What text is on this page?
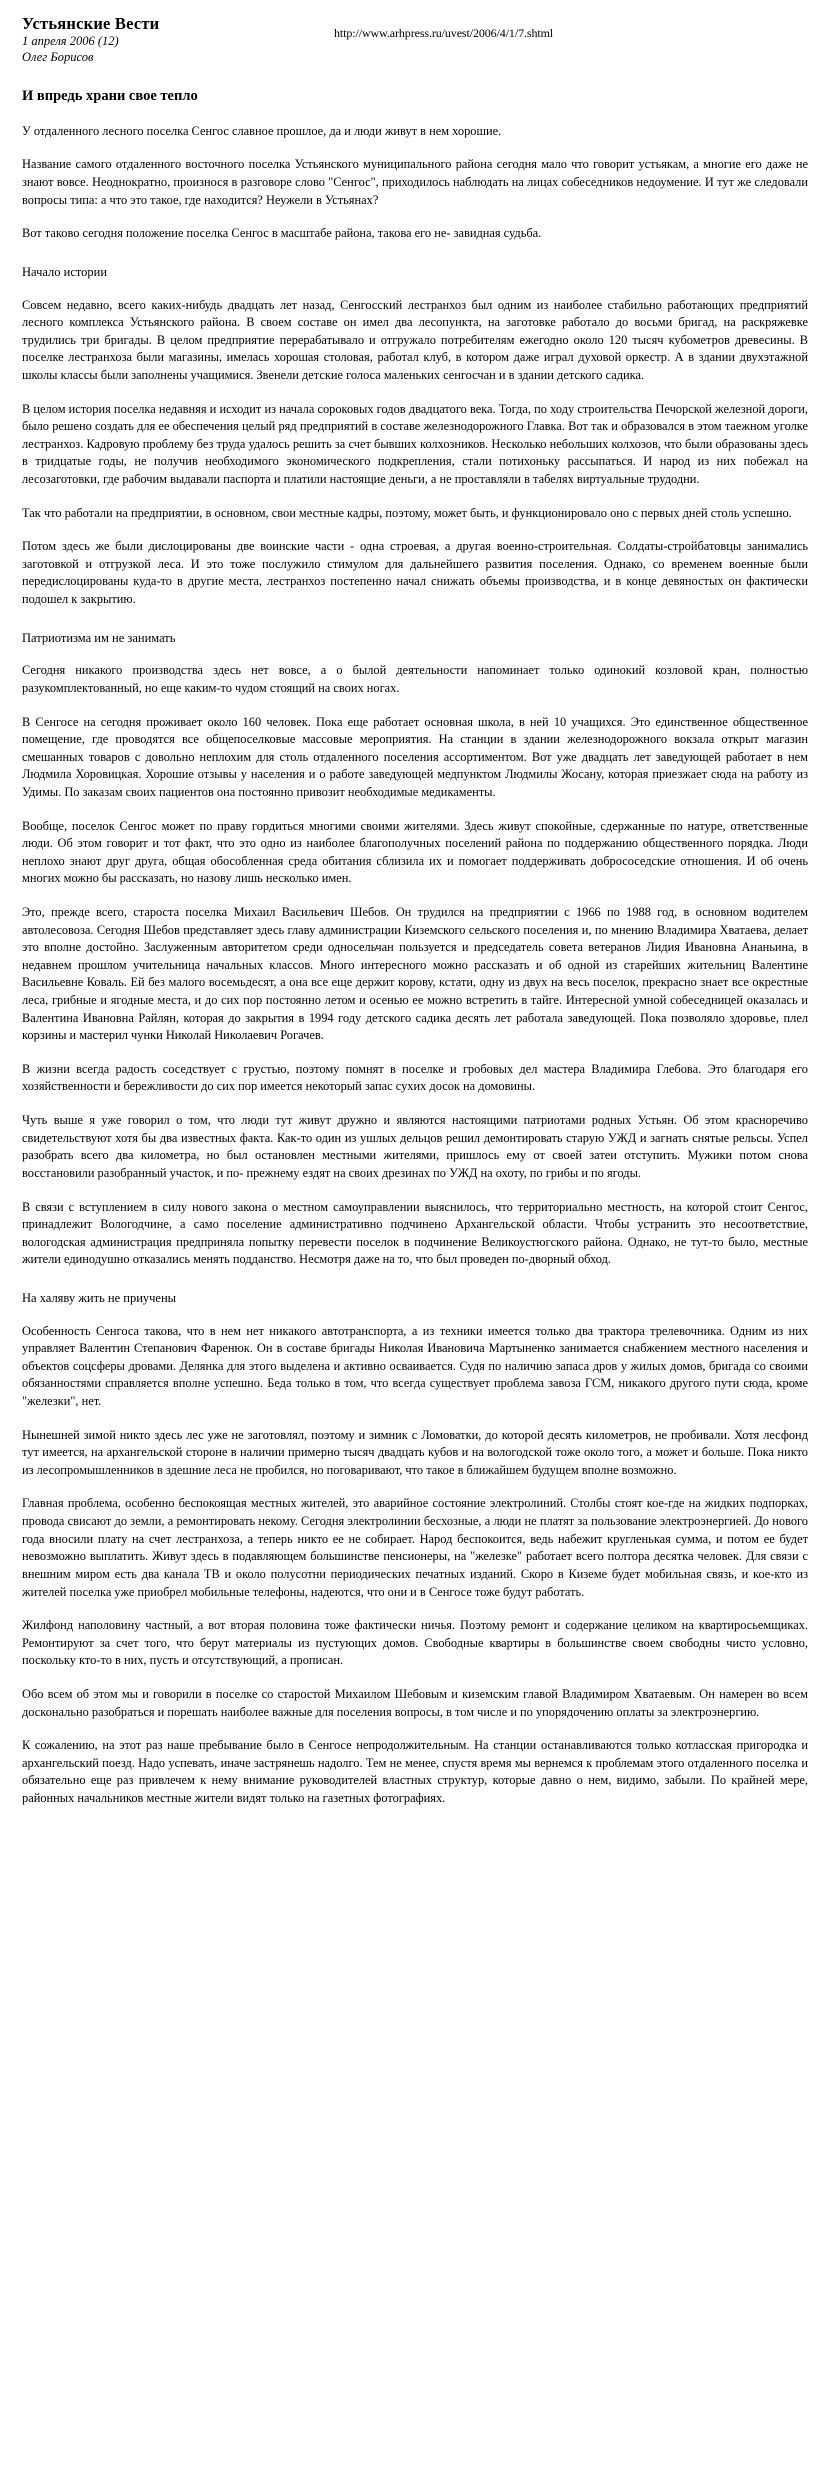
Устьянские Вести
1 апреля 2006 (12)
Олег Борисов
http://www.arhpress.ru/uvest/2006/4/1/7.shtml
И впредь храни свое тепло

У отдаленного лесного поселка Сенгос славное прошлое, да и люди живут в нем хорошие.

Название самого отдаленного восточного поселка Устьянского муниципального района сегодня мало что говорит устьякам, а многие его даже не знают вовсе. Неоднократно, произнося в разговоре слово "Сенгос", приходилось наблюдать на лицах собеседников недоумение. И тут же следовали вопросы типа: а что это такое, где находится? Неужели в Устьянах?

Вот таково сегодня положение поселка Сенгос в масштабе района, такова его не- завидная судьба.

Начало истории

Совсем недавно, всего каких-нибудь двадцать лет назад, Сенгосский лестранхоз был одним из наиболее стабильно работающих предприятий лесного комплекса Устьянского района. В своем составе он имел два лесопункта, на заготовке работало до восьми бригад, на раскряжевке трудились три бригады. В целом предприятие перерабатывало и отгружало потребителям ежегодно около 120 тысяч кубометров древесины. В поселке лестранхоза были магазины, имелась хорошая столовая, работал клуб, в котором даже играл духовой оркестр. А в здании двухэтажной школы классы были заполнены учащимися. Звенели детские голоса маленьких сенгосчан и в здании детского садика.

В целом история поселка недавняя и исходит из начала сороковых годов двадцатого века. Тогда, по ходу строительства Печорской железной дороги, было решено создать для ее обеспечения целый ряд предприятий в составе железнодорожного Главка. Вот так и образовался в этом таежном уголке лестранхоз. Кадровую проблему без труда удалось решить за счет бывших колхозников. Несколько небольших колхозов, что были образованы здесь в тридцатые годы, не получив необходимого экономического подкрепления, стали потихоньку рассыпаться. И народ из них побежал на лесозаготовки, где рабочим выдавали паспорта и платили настоящие деньги, а не проставляли в табелях виртуальные трудодни.

Так что работали на предприятии, в основном, свои местные кадры, поэтому, может быть, и функционировало оно с первых дней столь успешно.

Потом здесь же были дислоцированы две воинские части - одна строевая, а другая военно-строительная. Солдаты-стройбатовцы занимались заготовкой и отгрузкой леса. И это тоже послужило стимулом для дальнейшего развития поселения. Однако, со временем военные были передислоцированы куда-то в другие места, лестранхоз постепенно начал снижать объемы производства, и в конце девяностых он фактически подошел к закрытию.

Патриотизма им не занимать

Сегодня никакого производства здесь нет вовсе, а о былой деятельности напоминает только одинокий козловой кран, полностью разукомплектованный, но еще каким-то чудом стоящий на своих ногах.

В Сенгосе на сегодня проживает около 160 человек. Пока еще работает основная школа, в ней 10 учащихся. Это единственное общественное помещение, где проводятся все общепоселковые массовые мероприятия. На станции в здании железнодорожного вокзала открыт магазин смешанных товаров с довольно неплохим для столь отдаленного поселения ассортиментом. Вот уже двадцать лет заведующей работает в нем Людмила Хоровицкая. Хорошие отзывы у населения и о работе заведующей медпунктом Людмилы Жосану, которая приезжает сюда на работу из Удимы. По заказам своих пациентов она постоянно привозит необходимые медикаменты.

Вообще, поселок Сенгос может по праву гордиться многими своими жителями. Здесь живут спокойные, сдержанные по натуре, ответственные люди. Об этом говорит и тот факт, что это одно из наиболее благополучных поселений района по поддержанию общественного порядка. Люди неплохо знают друг друга, общая обособленная среда обитания сблизила их и помогает поддерживать добрососедские отношения. И об очень многих можно бы рассказать, но назову лишь несколько имен.

Это, прежде всего, староста поселка Михаил Васильевич Шебов. Он трудился на предприятии с 1966 по 1988 год, в основном водителем автолесовоза. Сегодня Шебов представляет здесь главу администрации Киземского сельского поселения и, по мнению Владимира Хватаева, делает это вполне достойно. Заслуженным авторитетом среди односельчан пользуется и председатель совета ветеранов Лидия Ивановна Ананьина, в недавнем прошлом учительница начальных классов. Много интересного можно рассказать и об одной из старейших жительниц Валентине Васильевне Коваль. Ей без малого восемьдесят, а она все еще держит корову, кстати, одну из двух на весь поселок, прекрасно знает все окрестные леса, грибные и ягодные места, и до сих пор постоянно летом и осенью ее можно встретить в тайге. Интересной умной собеседницей оказалась и Валентина Ивановна Райлян, которая до закрытия в 1994 году детского садика десять лет работала заведующей. Пока позволяло здоровье, плел корзины и мастерил чунки Николай Николаевич Рогачев.

В жизни всегда радость соседствует с грустью, поэтому помнят в поселке и гробовых дел мастера Владимира Глебова. Это благодаря его хозяйственности и бережливости до сих пор имеется некоторый запас сухих досок на домовины.

Чуть выше я уже говорил о том, что люди тут живут дружно и являются настоящими патриотами родных Устьян. Об этом красноречиво свидетельствуют хотя бы два известных факта. Как-то один из ушлых дельцов решил демонтировать старую УЖД и загнать снятые рельсы. Успел разобрать всего два километра, но был остановлен местными жителями, пришлось ему от своей затеи отступить. Мужики потом снова восстановили разобранный участок, и по- прежнему ездят на своих дрезинах по УЖД на охоту, по грибы и по ягоды.

В связи с вступлением в силу нового закона о местном самоуправлении выяснилось, что территориально местность, на которой стоит Сенгос, принадлежит Вологодчине, а само поселение административно подчинено Архангельской области. Чтобы устранить это несоответствие, вологодская администрация предприняла попытку перевести поселок в подчинение Великоустюгского района. Однако, не тут-то было, местные жители единодушно отказались менять подданство. Несмотря даже на то, что был проведен по-дворный обход.

На халяву жить не приучены

Особенность Сенгоса такова, что в нем нет никакого автотранспорта, а из техники имеется только два трактора трелевочника. Одним из них управляет Валентин Степанович Фаренюк. Он в составе бригады Николая Ивановича Мартыненко занимается снабжением местного населения и объектов соцсферы дровами. Делянка для этого выделена и активно осваивается. Судя по наличию запаса дров у жилых домов, бригада со своими обязанностями справляется вполне успешно. Беда только в том, что всегда существует проблема завоза ГСМ, никакого другого пути сюда, кроме "железки", нет.

Нынешней зимой никто здесь лес уже не заготовлял, поэтому и зимник с Ломоватки, до которой десять километров, не пробивали. Хотя лесфонд тут имеется, на архангельской стороне в наличии примерно тысяч двадцать кубов и на вологодской тоже около того, а может и больше. Пока никто из лесопромышленников в здешние леса не пробился, но поговаривают, что такое в ближайшем будущем вполне возможно.

Главная проблема, особенно беспокоящая местных жителей, это аварийное состояние электролиний. Столбы стоят кое-где на жидких подпорках, провода свисают до земли, а ремонтировать некому. Сегодня электролинии бесхозные, а люди не платят за пользование электроэнергией. До нового года вносили плату на счет лестранхоза, а теперь никто ее не собирает. Народ беспокоится, ведь набежит кругленькая сумма, и потом ее будет невозможно выплатить. Живут здесь в подавляющем большинстве пенсионеры, на "железке" работает всего полтора десятка человек. Для связи с внешним миром есть два канала ТВ и около полусотни периодических печатных изданий. Скоро в Киземе будет мобильная связь, и кое-кто из жителей поселка уже приобрел мобильные телефоны, надеются, что они и в Сенгосе тоже будут работать.

Жилфонд наполовину частный, а вот вторая половина тоже фактически ничья. Поэтому ремонт и содержание целиком на квартиросьемщиках. Ремонтируют за счет того, что берут материалы из пустующих домов. Свободные квартиры в большинстве своем свободны чисто условно, поскольку кто-то в них, пусть и отсутствующий, а прописан.

Обо всем об этом мы и говорили в поселке со старостой Михаилом Шебовым и киземским главой Владимиром Хватаевым. Он намерен во всем досконально разобраться и порешать наиболее важные для поселения вопросы, в том числе и по упорядочению оплаты за электроэнергию.

К сожалению, на этот раз наше пребывание было в Сенгосе непродолжительным. На станции останавливаются только котласская пригородка и архангельский поезд. Надо успевать, иначе застрянешь надолго. Тем не менее, спустя время мы вернемся к проблемам этого отдаленного поселка и обязательно еще раз привлечем к нему внимание руководителей властных структур, которые давно о нем, видимо, забыли. По крайней мере, районных начальников местные жители видят только на газетных фотографиях.
